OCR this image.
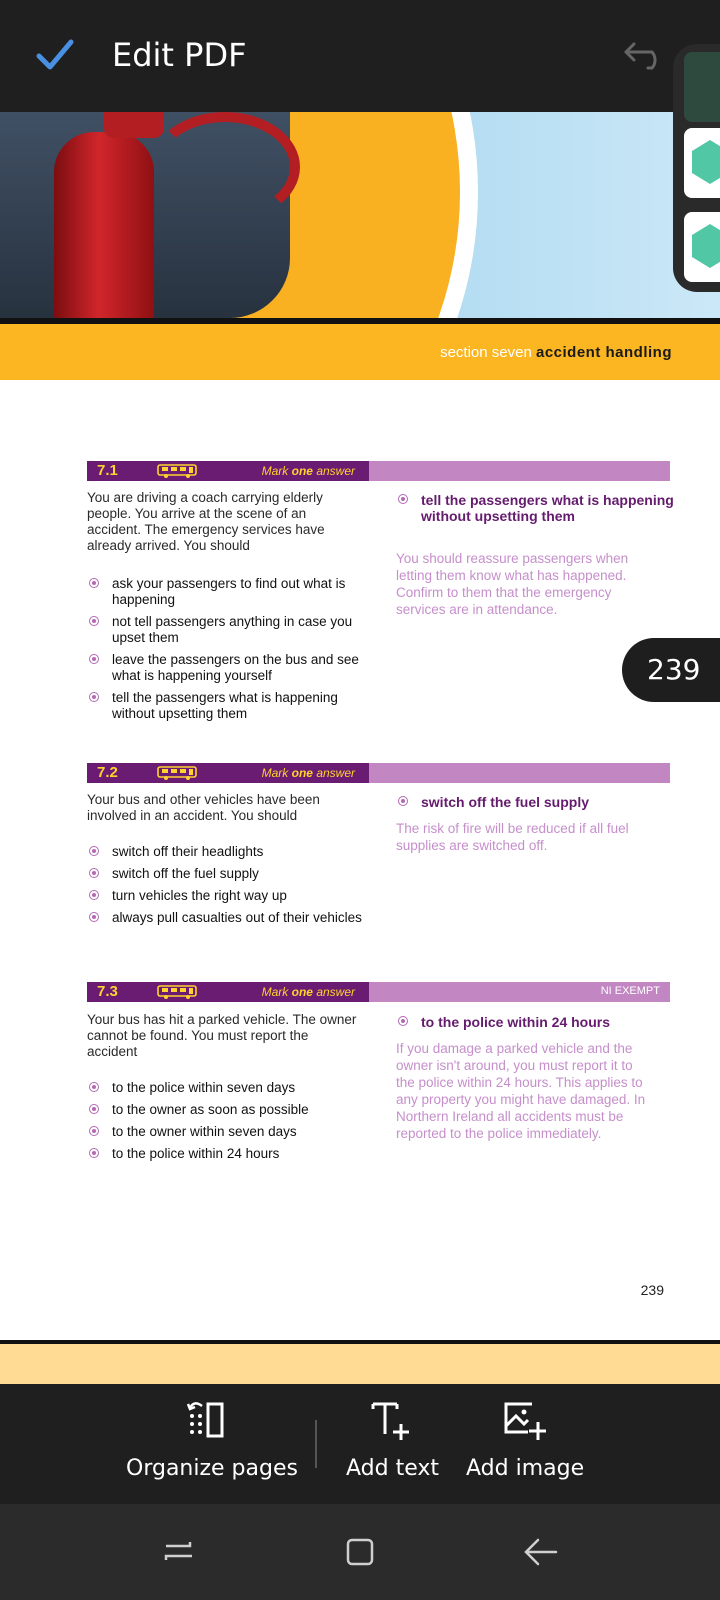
Edit PDF
section seven accident handling
7.1	Mark one answer
You are driving a coach carrying elderly people. You arrive at the scene of an accident. The emergency services have already arrived. You should
ask your passengers to find out what is happening
not tell passengers anything in case you upset them
leave the passengers on the bus and see what is happening yourself
tell the passengers what is happening without upsetting them
tell the passengers what is happening without upsetting them
You should reassure passengers when letting them know what has happened. Confirm to them that the emergency services are in attendance.
7.2	Mark one answer
Your bus and other vehicles have been involved in an accident. You should
switch off their headlights
switch off the fuel supply
turn vehicles the right way up
always pull casualties out of their vehicles
switch off the fuel supply
The risk of fire will be reduced if all fuel supplies are switched off.
7.3	Mark one answer	NI EXEMPT
Your bus has hit a parked vehicle. The owner cannot be found. You must report the accident
to the police within seven days
to the owner as soon as possible
to the owner within seven days
to the police within 24 hours
to the police within 24 hours
If you damage a parked vehicle and the owner isn't around, you must report it to the police within 24 hours. This applies to any property you might have damaged. In Northern Ireland all accidents must be reported to the police immediately.
239
239
Organize pages Add text Add image
